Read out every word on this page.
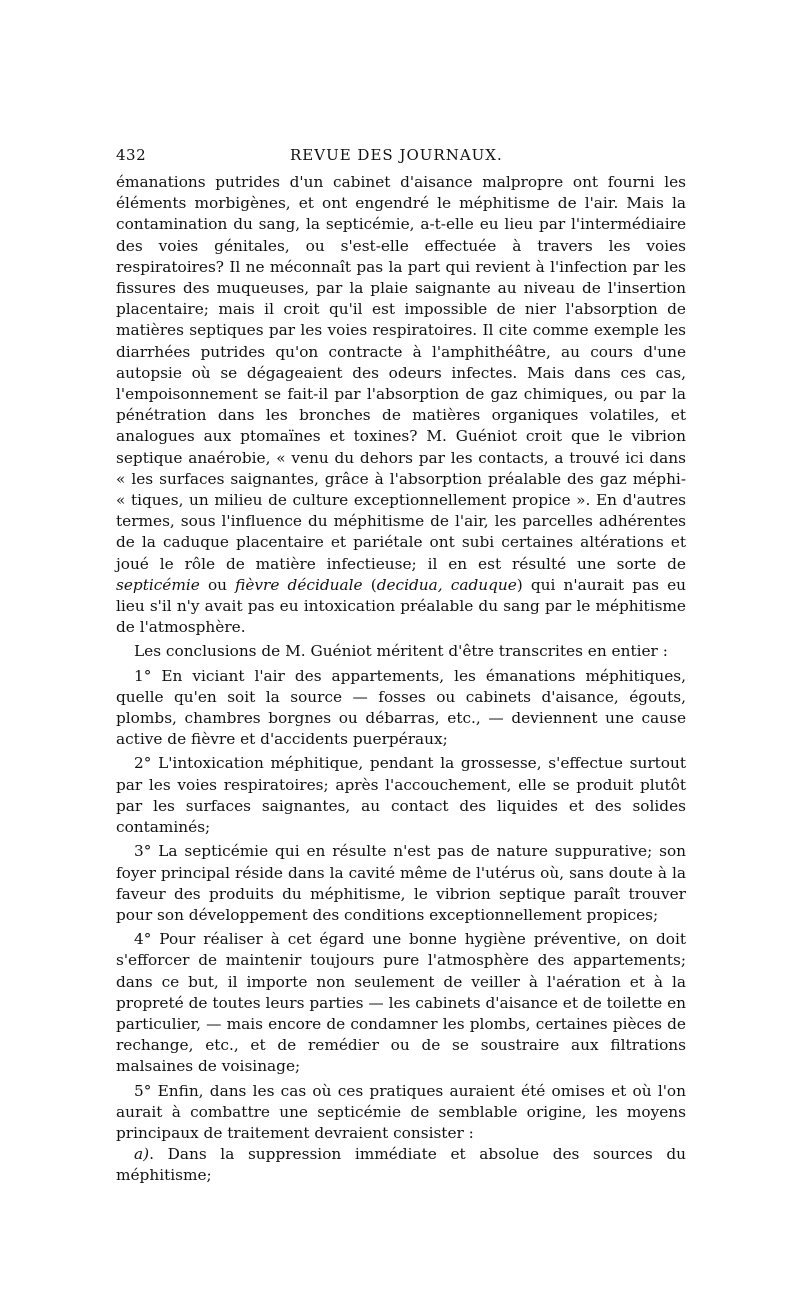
432	REVUE DES JOURNAUX.

émanations putrides d'un cabinet d'aisance malpropre ont fourni les éléments morbigènes, et ont engendré le méphitisme de l'air. Mais la contamination du sang, la septicémie, a-t-elle eu lieu par l'intermédiaire des voies génitales, ou s'est-elle effectuée à travers les voies respiratoires? Il ne méconnaît pas la part qui revient à l'infection par les fissures des muqueuses, par la plaie saignante au niveau de l'insertion placentaire; mais il croit qu'il est impossible de nier l'absorption de matières septiques par les voies respiratoires. Il cite comme exemple les diarrhées putrides qu'on contracte à l'amphithéâtre, au cours d'une autopsie où se dégageaient des odeurs infectes. Mais dans ces cas, l'empoisonnement se fait-il par l'absorption de gaz chimiques, ou par la pénétration dans les bronches de matières organiques volatiles, et analogues aux ptomaïnes et toxines? M. Guéniot croit que le vibrion septique anaérobie, « venu du dehors par les contacts, a trouvé ici dans « les surfaces saignantes, grâce à l'absorption préalable des gaz méphi- « tiques, un milieu de culture exceptionnellement propice ». En d'autres termes, sous l'influence du méphitisme de l'air, les parcelles adhérentes de la caduque placentaire et pariétale ont subi certaines altérations et joué le rôle de matière infectieuse; il en est résulté une sorte de septicémie ou fièvre déciduale (decidua, caduque) qui n'aurait pas eu lieu s'il n'y avait pas eu intoxication préalable du sang par le méphitisme de l'atmosphère.

Les conclusions de M. Guéniot méritent d'être transcrites en entier :

1° En viciant l'air des appartements, les émanations méphitiques, quelle qu'en soit la source — fosses ou cabinets d'aisance, égouts, plombs, chambres borgnes ou débarras, etc., — deviennent une cause active de fièvre et d'accidents puerpéraux;

2° L'intoxication méphitique, pendant la grossesse, s'effectue surtout par les voies respiratoires; après l'accouchement, elle se produit plutôt par les surfaces saignantes, au contact des liquides et des solides contaminés;

3° La septicémie qui en résulte n'est pas de nature suppurative; son foyer principal réside dans la cavité même de l'utérus où, sans doute à la faveur des produits du méphitisme, le vibrion septique paraît trouver pour son développement des conditions exceptionnellement propices;

4° Pour réaliser à cet égard une bonne hygiène préventive, on doit s'efforcer de maintenir toujours pure l'atmosphère des appartements; dans ce but, il importe non seulement de veiller à l'aération et à la propreté de toutes leurs parties — les cabinets d'aisance et de toilette en particulier, — mais encore de condamner les plombs, certaines pièces de rechange, etc., et de remédier ou de se soustraire aux filtrations malsaines de voisinage;

5° Enfin, dans les cas où ces pratiques auraient été omises et où l'on aurait à combattre une septicémie de semblable origine, les moyens principaux de traitement devraient consister :

a). Dans la suppression immédiate et absolue des sources du méphitisme;
